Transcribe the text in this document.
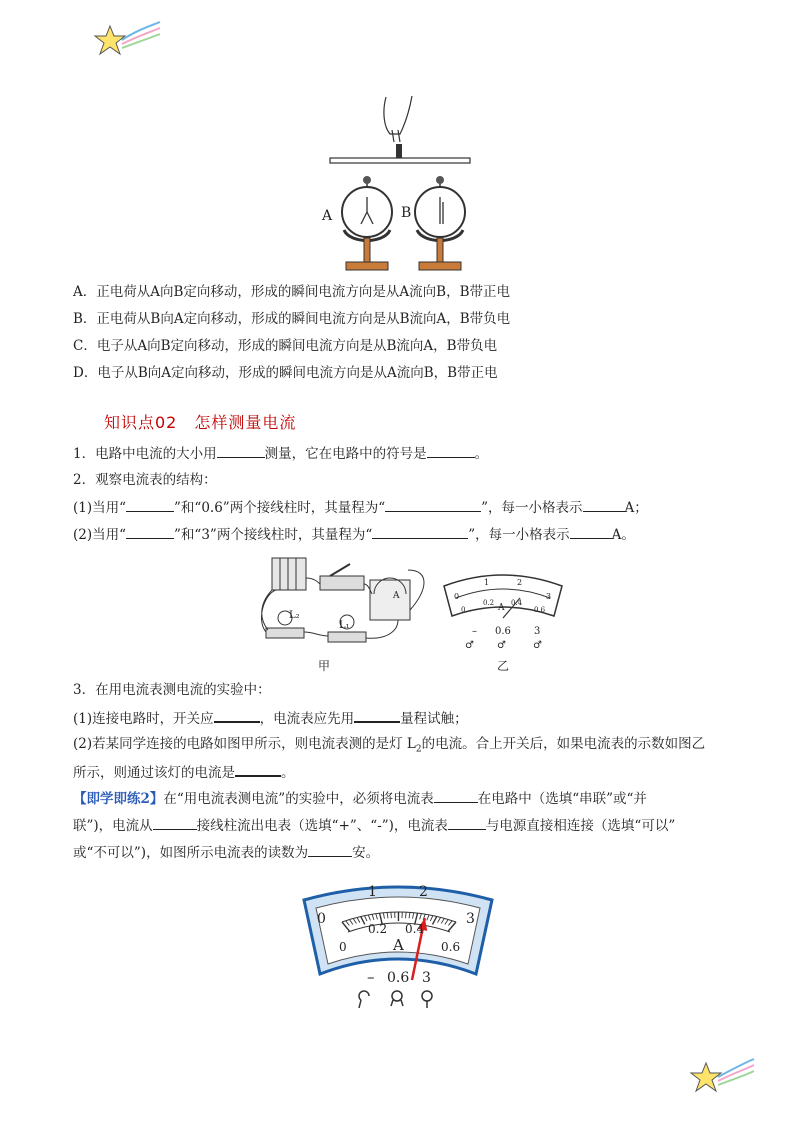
A	B
A．正电荷从A向B定向移动，形成的瞬间电流方向是从A流向B，B带正电
B．正电荷从B向A定向移动，形成的瞬间电流方向是从B流向A，B带负电
C．电子从A向B定向移动，形成的瞬间电流方向是从B流向A，B带负电
D．电子从B向A定向移动，形成的瞬间电流方向是从A流向B，B带正电
知识点02　怎样测量电流
1．电路中电流的大小用	测量，它在电路中的符号是	。
2．观察电流表的结构：
(1)当用“	”和“0.6”两个接线柱时，其量程为“	”，每一小格表示	A；
(2)当用“	”和“3”两个接线柱时，其量程为“	”，每一小格表示	A。
L₂
L₁
A	0
1	2
3
0
0.2 0.4
0.6
A
– 0.6 3
♂ ♂	♂
甲	乙
3．在用电流表测电流的实验中：
(1)连接电路时，开关应	，电流表应先用	量程试触；
(2)若某同学连接的电路如图甲所示，则电流表测的是灯 $L_2$的电流。合上开关后，如果电流表的示数如图乙
所示，则通过该灯的电流是	。
【即学即练2】在“用电流表测电流”的实验中，必须将电流表	在电路中（选填“串联”或“并
联”)，电流从	接线柱流出电表（选填“+”、“-”)，电流表	与电源直接相连接（选填“可以”
或“不可以”)，如图所示电流表的读数为	安。
0
1	2
3
0
0.2 0.4
0.6
A
– 0.6 3
